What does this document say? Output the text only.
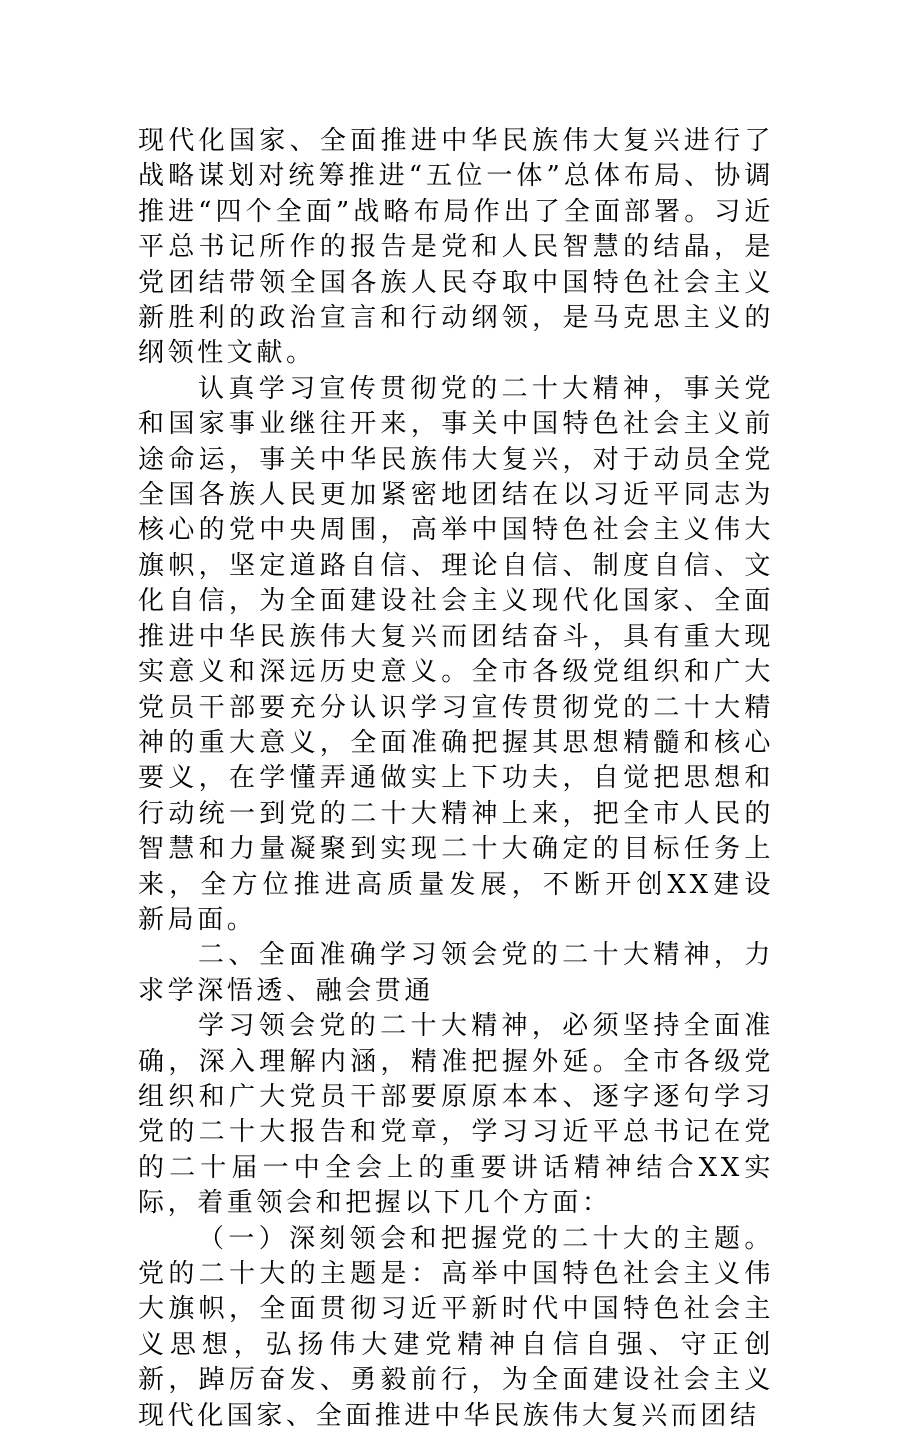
现代化国家、全面推进中华民族伟大复兴进行了战略谋划对统筹推进“五位一体”总体布局、协调推进“四个全面”战略布局作出了全面部署。习近平总书记所作的报告是党和人民智慧的结晶，是党团结带领全国各族人民夺取中国特色社会主义新胜利的政治宣言和行动纲领，是马克思主义的纲领性文献。

认真学习宣传贯彻党的二十大精神，事关党和国家事业继往开来，事关中国特色社会主义前途命运，事关中华民族伟大复兴，对于动员全党全国各族人民更加紧密地团结在以习近平同志为核心的党中央周围，高举中国特色社会主义伟大旗帜，坚定道路自信、理论自信、制度自信、文化自信，为全面建设社会主义现代化国家、全面推进中华民族伟大复兴而团结奋斗，具有重大现实意义和深远历史意义。全市各级党组织和广大党员干部要充分认识学习宣传贯彻党的二十大精神的重大意义，全面准确把握其思想精髓和核心要义，在学懂弄通做实上下功夫，自觉把思想和行动统一到党的二十大精神上来，把全市人民的智慧和力量凝聚到实现二十大确定的目标任务上来，全方位推进高质量发展，不断开创XX建设新局面。

二、全面准确学习领会党的二十大精神，力求学深悟透、融会贯通

学习领会党的二十大精神，必须坚持全面准确，深入理解内涵，精准把握外延。全市各级党组织和广大党员干部要原原本本、逐字逐句学习党的二十大报告和党章，学习习近平总书记在党的二十届一中全会上的重要讲话精神结合XX实际，着重领会和把握以下几个方面：

（一）深刻领会和把握党的二十大的主题。党的二十大的主题是：高举中国特色社会主义伟大旗帜，全面贯彻习近平新时代中国特色社会主义思想，弘扬伟大建党精神自信自强、守正创新，踔厉奋发、勇毅前行，为全面建设社会主义现代化国家、全面推进中华民族伟大复兴而团结
